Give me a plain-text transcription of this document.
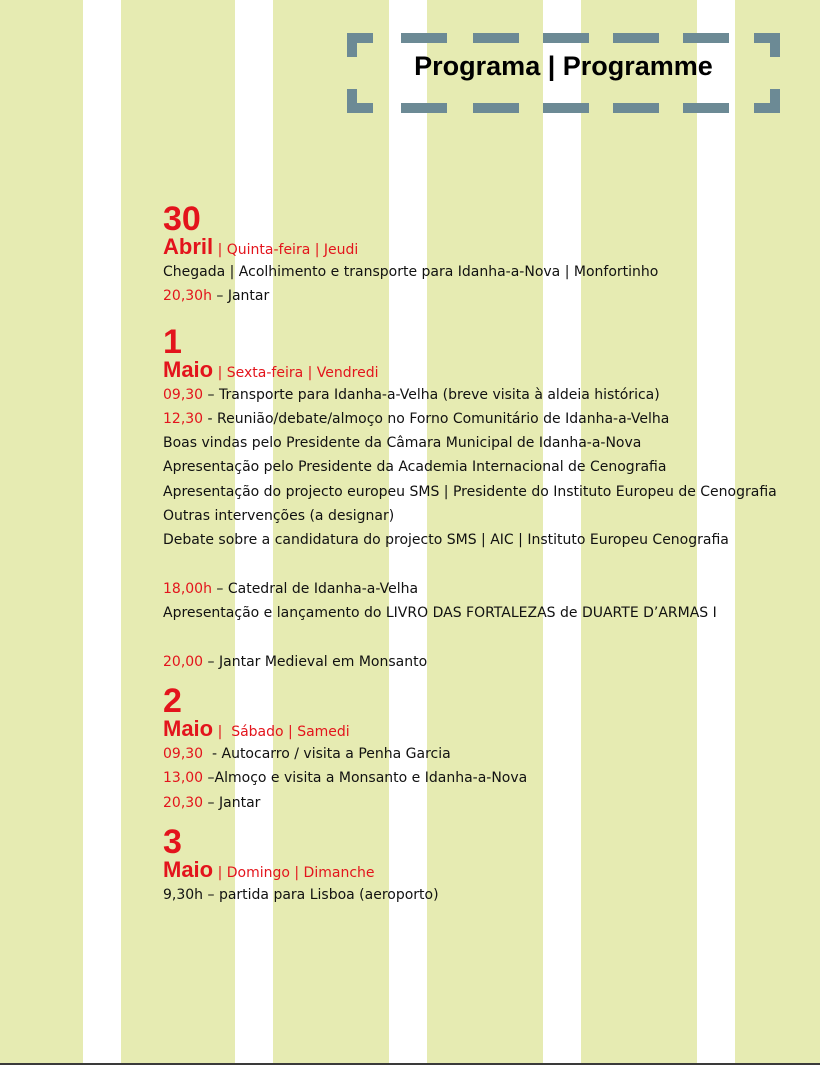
Programa | Programme
30
Abril | Quinta-feira | Jeudi
Chegada | Acolhimento e transporte para Idanha-a-Nova | Monfortinho
20,30h – Jantar
1
Maio | Sexta-feira | Vendredi
09,30 – Transporte para Idanha-a-Velha (breve visita à aldeia histórica)
12,30 - Reunião/debate/almoço no Forno Comunitário de Idanha-a-Velha
Boas vindas pelo Presidente da Câmara Municipal de Idanha-a-Nova
Apresentação pelo Presidente da Academia Internacional de Cenografia
Apresentação do projecto europeu SMS | Presidente do Instituto Europeu de Cenografia
Outras intervenções (a designar)
Debate sobre a candidatura do projecto SMS | AIC | Instituto Europeu Cenografia
18,00h – Catedral de Idanha-a-Velha
Apresentação e lançamento do LIVRO DAS FORTALEZAS de DUARTE D’ARMAS I
20,00 – Jantar Medieval em Monsanto
2
Maio |  Sábado | Samedi
09,30  - Autocarro / visita a Penha Garcia
13,00 –Almoço e visita a Monsanto e Idanha-a-Nova
20,30 – Jantar
3
Maio | Domingo | Dimanche
9,30h – partida para Lisboa (aeroporto)
